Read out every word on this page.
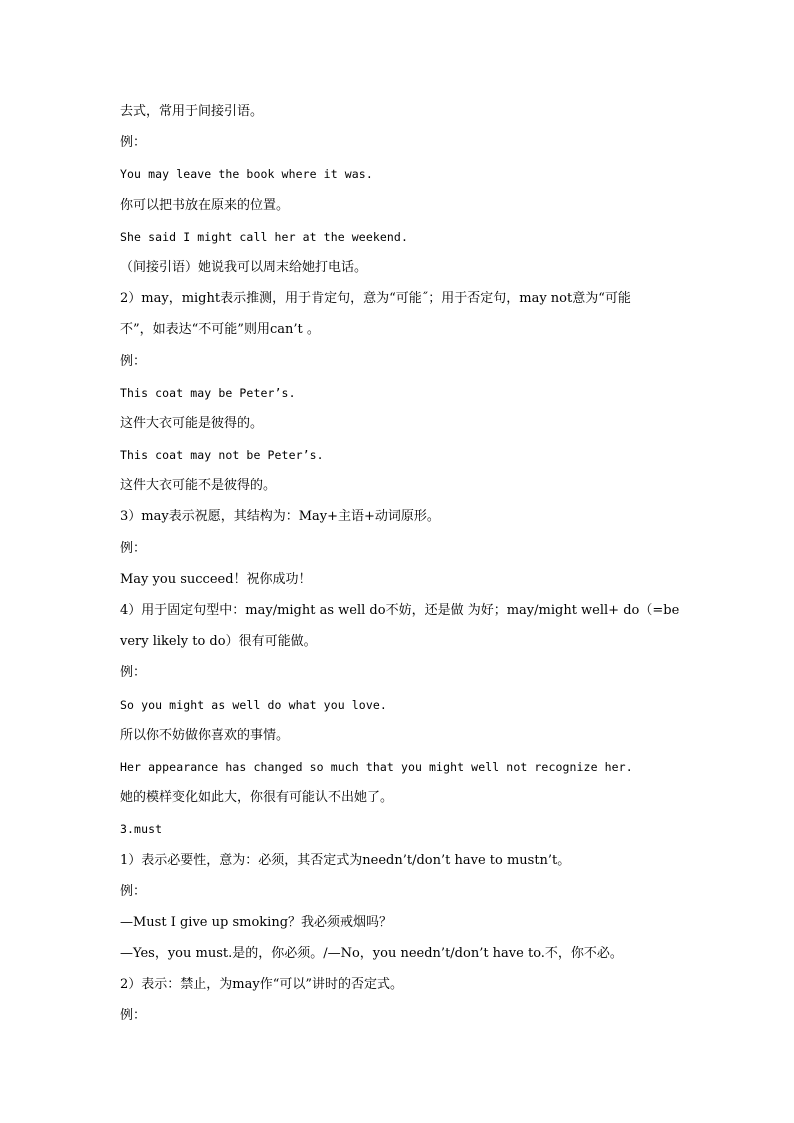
去式，常用于间接引语。
例：
You may leave the book where it was.
你可以把书放在原来的位置。
She said I might call her at the weekend.
（间接引语）她说我可以周末给她打电话。
2）may，might表示推测，用于肯定句，意为“可能˝；用于否定句，may not意为“可能
不”，如表达“不可能”则用can’t 。
例：
This coat may be Peter’s.
这件大衣可能是彼得的。
This coat may not be Peter’s.
这件大衣可能不是彼得的。
3）may表示祝愿，其结构为：May+主语+动词原形。
例：
May you succeed！祝你成功！
4）用于固定句型中：may/might as well do不妨，还是做 为好；may/might well+ do（=be
very likely to do）很有可能做。
例：
So you might as well do what you love.
所以你不妨做你喜欢的事情。
Her appearance has changed so much that you might well not recognize her.
她的模样变化如此大，你很有可能认不出她了。
3.must
1）表示必要性，意为：必须，其否定式为needn’t/don’t have to mustn’t。
例：
—Must I give up smoking？我必须戒烟吗？
—Yes，you must.是的，你必须。/—No，you needn’t/don’t have to.不，你不必。
2）表示：禁止，为may作“可以”讲时的否定式。
例：
